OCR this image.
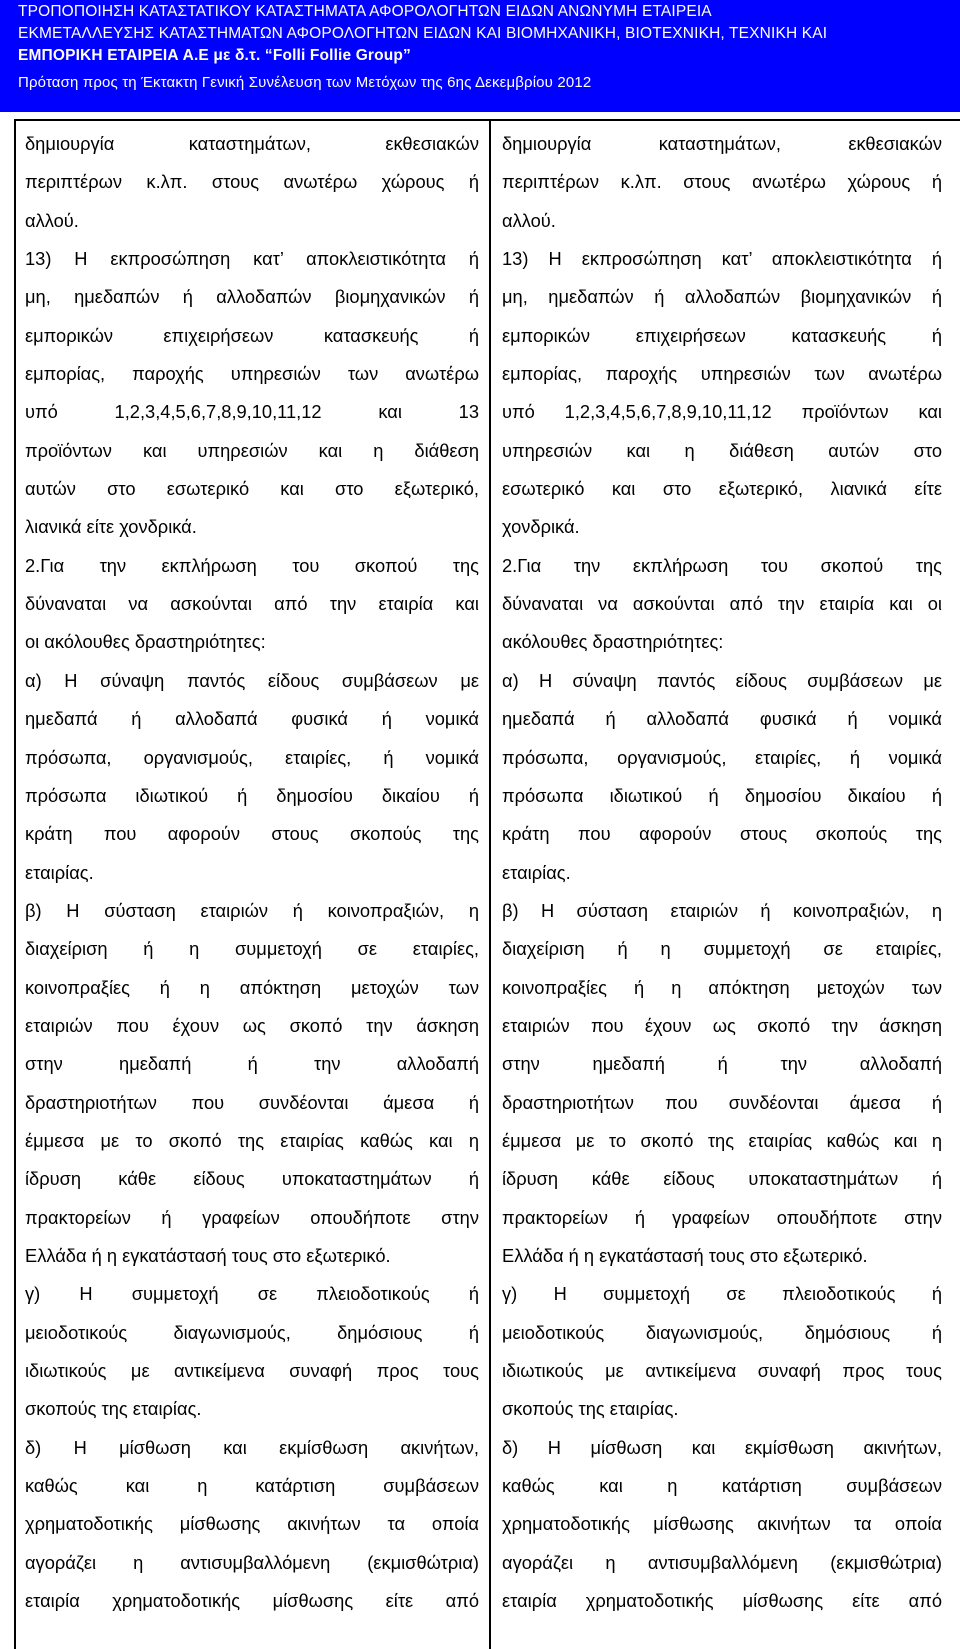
ΤΡΟΠΟΠΟΙΗΣΗ ΚΑΤΑΣΤΑΤΙΚΟΥ ΚΑΤΑΣΤΗΜΑΤΑ ΑΦΟΡΟΛΟΓΗΤΩΝ ΕΙΔΩΝ ΑΝΩΝΥΜΗ ΕΤΑΙΡΕΙΑ
ΕΚΜΕΤΑΛΛΕΥΣΗΣ ΚΑΤΑΣΤΗΜΑΤΩΝ ΑΦΟΡΟΛΟΓΗΤΩΝ ΕΙΔΩΝ ΚΑΙ ΒΙΟΜΗΧΑΝΙΚΗ, ΒΙΟΤΕΧΝΙΚΗ, ΤΕΧΝΙΚΗ ΚΑΙ
ΕΜΠΟΡΙΚΗ ΕΤΑΙΡΕΙΑ Α.Ε με δ.τ. “Folli Follie Group”
Πρόταση προς τη Έκτακτη Γενική Συνέλευση των Μετόχων της 6ης Δεκεμβρίου 2012

δημιουργία καταστημάτων, εκθεσιακών

περιπτέρων κ.λπ. στους ανωτέρω χώρους ή

αλλού.

13) Η εκπροσώπηση κατ’ αποκλειστικότητα ή

μη, ημεδαπών ή αλλοδαπών βιομηχανικών ή

εμπορικών επιχειρήσεων κατασκευής ή

εμπορίας, παροχής υπηρεσιών των ανωτέρω

υπό 1,2,3,4,5,6,7,8,9,10,11,12 και 13

προϊόντων και υπηρεσιών και η διάθεση

αυτών στο εσωτερικό και στο εξωτερικό,

λιανικά είτε χονδρικά.

2.Για την εκπλήρωση του σκοπού της

δύναναται να ασκούνται από την εταιρία και

οι ακόλουθες δραστηριότητες:

α) Η σύναψη παντός είδους συμβάσεων με

ημεδαπά ή αλλοδαπά φυσικά ή νομικά

πρόσωπα, οργανισμούς, εταιρίες, ή νομικά

πρόσωπα ιδιωτικού ή δημοσίου δικαίου ή

κράτη που αφορούν στους σκοπούς της

εταιρίας.

β) Η σύσταση εταιριών ή κοινοπραξιών, η

διαχείριση ή η συμμετοχή σε εταιρίες,

κοινοπραξίες ή η απόκτηση μετοχών των

εταιριών που έχουν ως σκοπό την άσκηση

στην ημεδαπή ή την αλλοδαπή

δραστηριοτήτων που συνδέονται άμεσα ή

έμμεσα με το σκοπό της εταιρίας καθώς και η

ίδρυση κάθε είδους υποκαταστημάτων ή

πρακτορείων ή γραφείων οπουδήποτε στην

Ελλάδα ή η εγκατάστασή τους στο εξωτερικό.

γ) Η συμμετοχή σε πλειοδοτικούς ή

μειοδοτικούς διαγωνισμούς, δημόσιους ή

ιδιωτικούς με αντικείμενα συναφή προς τους

σκοπούς της εταιρίας.

δ) Η μίσθωση και εκμίσθωση ακινήτων,

καθώς και η κατάρτιση συμβάσεων

χρηματοδοτικής μίσθωσης ακινήτων τα οποία

αγοράζει η αντισυμβαλλόμενη (εκμισθώτρια)

εταιρία χρηματοδοτικής μίσθωσης είτε από

δημιουργία καταστημάτων, εκθεσιακών

περιπτέρων κ.λπ. στους ανωτέρω χώρους ή

αλλού.

13) Η εκπροσώπηση κατ’ αποκλειστικότητα ή

μη, ημεδαπών ή αλλοδαπών βιομηχανικών ή

εμπορικών επιχειρήσεων κατασκευής ή

εμπορίας, παροχής υπηρεσιών των ανωτέρω

υπό 1,2,3,4,5,6,7,8,9,10,11,12 προϊόντων και

υπηρεσιών και η διάθεση αυτών στο

εσωτερικό και στο εξωτερικό, λιανικά είτε

χονδρικά.

2.Για την εκπλήρωση του σκοπού της

δύναναται να ασκούνται από την εταιρία και οι

ακόλουθες δραστηριότητες:

α) Η σύναψη παντός είδους συμβάσεων με

ημεδαπά ή αλλοδαπά φυσικά ή νομικά

πρόσωπα, οργανισμούς, εταιρίες, ή νομικά

πρόσωπα ιδιωτικού ή δημοσίου δικαίου ή

κράτη που αφορούν στους σκοπούς της

εταιρίας.

β) Η σύσταση εταιριών ή κοινοπραξιών, η

διαχείριση ή η συμμετοχή σε εταιρίες,

κοινοπραξίες ή η απόκτηση μετοχών των

εταιριών που έχουν ως σκοπό την άσκηση

στην ημεδαπή ή την αλλοδαπή

δραστηριοτήτων που συνδέονται άμεσα ή

έμμεσα με το σκοπό της εταιρίας καθώς και η

ίδρυση κάθε είδους υποκαταστημάτων ή

πρακτορείων ή γραφείων οπουδήποτε στην

Ελλάδα ή η εγκατάστασή τους στο εξωτερικό.

γ) Η συμμετοχή σε πλειοδοτικούς ή

μειοδοτικούς διαγωνισμούς, δημόσιους ή

ιδιωτικούς με αντικείμενα συναφή προς τους

σκοπούς της εταιρίας.

δ) Η μίσθωση και εκμίσθωση ακινήτων,

καθώς και η κατάρτιση συμβάσεων

χρηματοδοτικής μίσθωσης ακινήτων τα οποία

αγοράζει η αντισυμβαλλόμενη (εκμισθώτρια)

εταιρία χρηματοδοτικής μίσθωσης είτε από
